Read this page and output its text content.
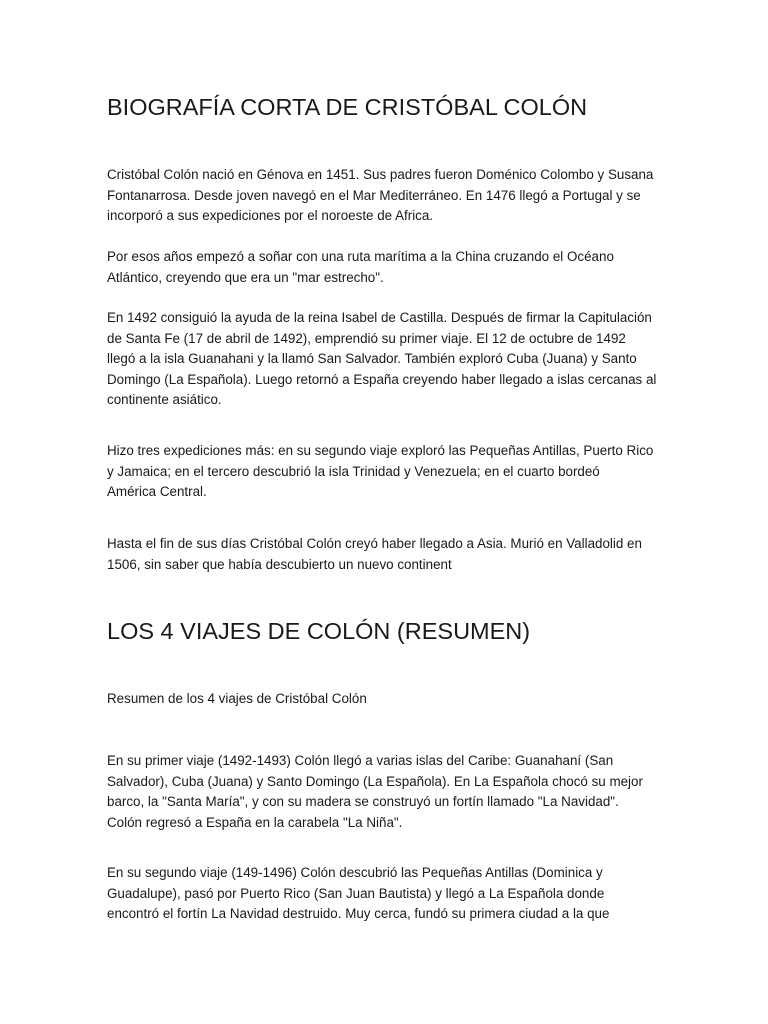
BIOGRAFÍA CORTA DE CRISTÓBAL COLÓN

Cristóbal Colón nació en Génova en 1451. Sus padres fueron Doménico Colombo y Susana
Fontanarrosa. Desde joven navegó en el Mar Mediterráneo. En 1476 llegó a Portugal y se
incorporó a sus expediciones por el noroeste de Africa.

Por esos años empezó a soñar con una ruta marítima a la China cruzando el Océano
Atlántico, creyendo que era un "mar estrecho".

En 1492 consiguió la ayuda de la reina Isabel de Castilla. Después de firmar la Capitulación
de Santa Fe (17 de abril de 1492), emprendió su primer viaje. El 12 de octubre de 1492
llegó a la isla Guanahani y la llamó San Salvador. También exploró Cuba (Juana) y Santo
Domingo (La Española). Luego retornó a España creyendo haber llegado a islas cercanas al
continente asiático.

Hizo tres expediciones más: en su segundo viaje exploró las Pequeñas Antillas, Puerto Rico
y Jamaica; en el tercero descubrió la isla Trinidad y Venezuela; en el cuarto bordeó
América Central.

Hasta el fin de sus días Cristóbal Colón creyó haber llegado a Asia. Murió en Valladolid en
1506, sin saber que había descubierto un nuevo continent

LOS 4 VIAJES DE COLÓN (RESUMEN)

Resumen de los 4 viajes de Cristóbal Colón

En su primer viaje (1492-1493) Colón llegó a varias islas del Caribe: Guanahaní (San
Salvador), Cuba (Juana) y Santo Domingo (La Española). En La Española chocó su mejor
barco, la "Santa María", y con su madera se construyó un fortín llamado "La Navidad".
Colón regresó a España en la carabela "La Niña".

En su segundo viaje (149-1496) Colón descubrió las Pequeñas Antillas (Dominica y
Guadalupe), pasó por Puerto Rico (San Juan Bautista) y llegó a La Española donde
encontró el fortín La Navidad destruido. Muy cerca, fundó su primera ciudad a la que
